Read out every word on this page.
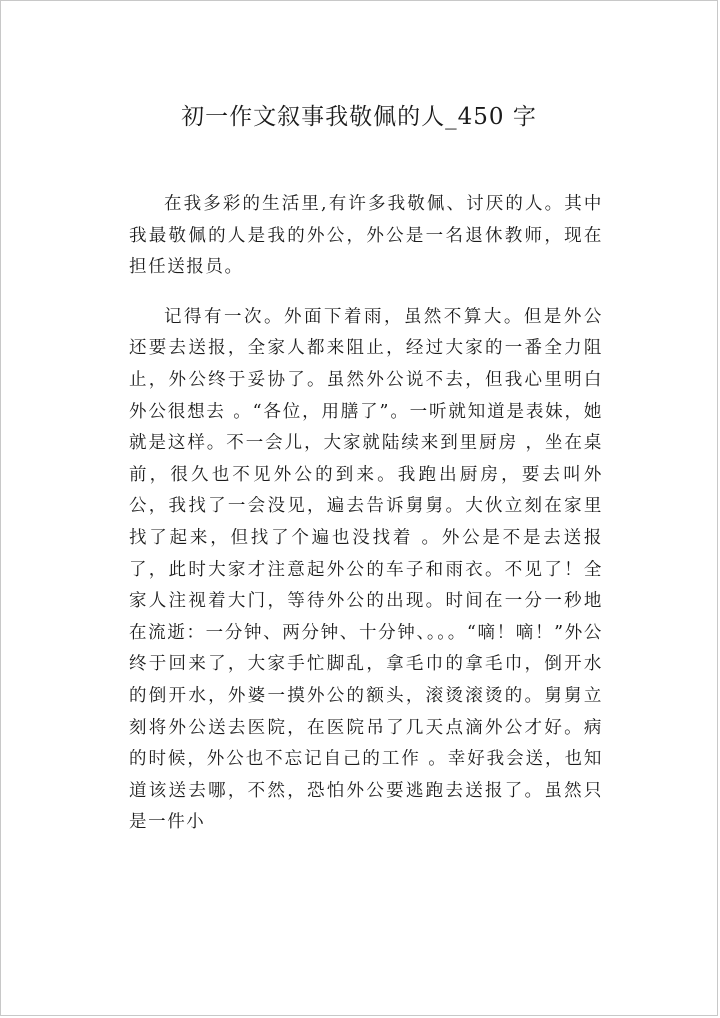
初一作文叙事我敬佩的人_450 字

在我多彩的生活里,有许多我敬佩、讨厌的人。其中我最敬佩的人是我的外公，外公是一名退休教师，现在担任送报员。

记得有一次。外面下着雨，虽然不算大。但是外公还要去送报，全家人都来阻止，经过大家的一番全力阻止，外公终于妥协了。虽然外公说不去，但我心里明白外公很想去 。“各位，用膳了”。一听就知道是表妹，她就是这样。不一会儿，大家就陆续来到里厨房 ，坐在桌前，很久也不见外公的到来。我跑出厨房，要去叫外公，我找了一会没见，遍去告诉舅舅。大伙立刻在家里找了起来，但找了个遍也没找着 。外公是不是去送报了，此时大家才注意起外公的车子和雨衣。不见了！全家人注视着大门，等待外公的出现。时间在一分一秒地在流逝：一分钟、两分钟、十分钟、。。。“嘀！嘀！”外公终于回来了，大家手忙脚乱，拿毛巾的拿毛巾，倒开水的倒开水，外婆一摸外公的额头，滚烫滚烫的。舅舅立刻将外公送去医院，在医院吊了几天点滴外公才好。病的时候，外公也不忘记自己的工作 。幸好我会送，也知道该送去哪，不然，恐怕外公要逃跑去送报了。虽然只是一件小
